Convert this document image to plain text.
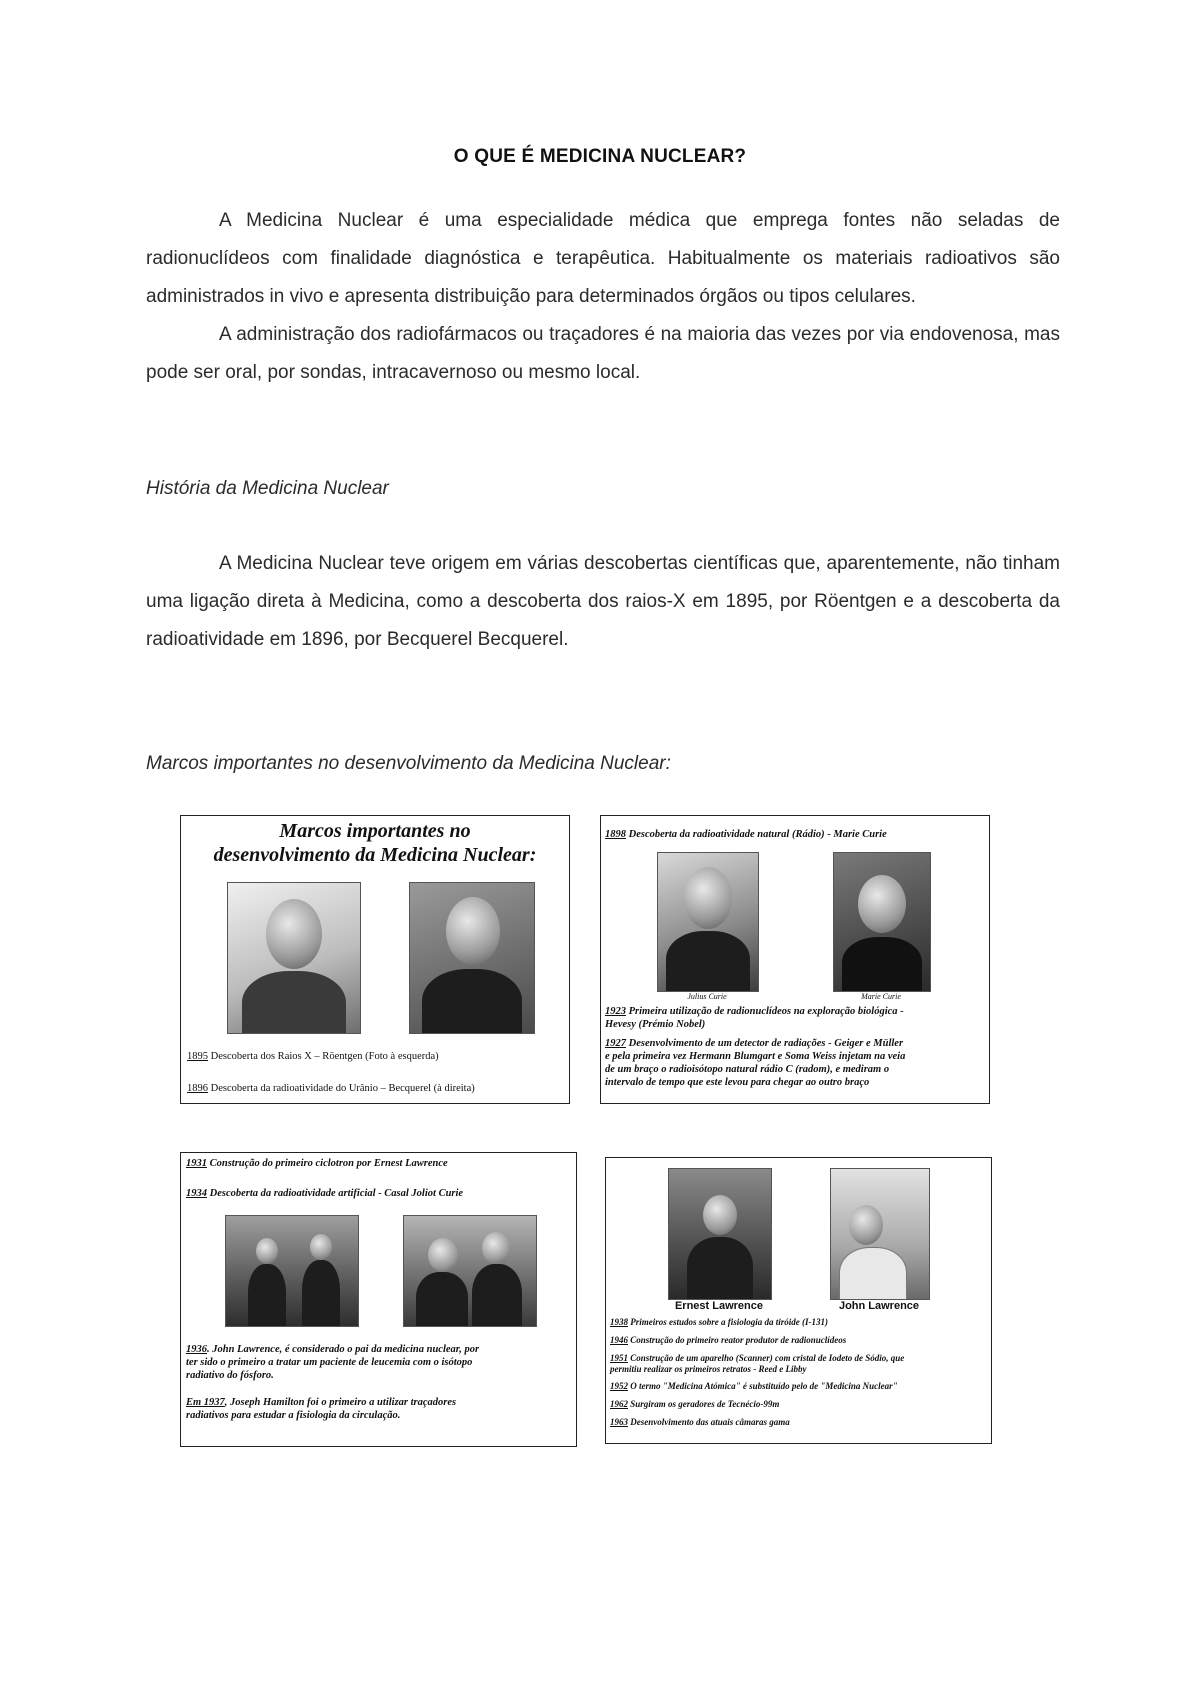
O QUE É MEDICINA NUCLEAR?

A Medicina Nuclear é uma especialidade médica que emprega fontes não seladas de radionuclídeos com finalidade diagnóstica e terapêutica. Habitualmente os materiais radioativos são administrados in vivo e apresenta distribuição para determinados órgãos ou tipos celulares.

A administração dos radiofármacos ou traçadores é na maioria das vezes por via endovenosa, mas pode ser oral, por sondas, intracavernoso ou mesmo local.

História da Medicina Nuclear

A Medicina Nuclear teve origem em várias descobertas científicas que, aparentemente, não tinham uma ligação direta à Medicina, como a descoberta dos raios-X em 1895, por Röentgen e a descoberta da radioatividade em 1896, por Becquerel Becquerel.

Marcos importantes no desenvolvimento da Medicina Nuclear:
Marcos importantes no
desenvolvimento da Medicina Nuclear:
1895 Descoberta dos Raios X – Röentgen (Foto à esquerda)
1896 Descoberta da radioatividade do Urânio – Becquerel (à direita)
1898 Descoberta da radioatividade natural (Rádio) - Marie Curie
Julius Curie	Marie Curie
1923 Primeira utilização de radionuclídeos na exploração biológica -
Hevesy (Prémio Nobel)
1927 Desenvolvimento de um detector de radiações - Geiger e Müller
e pela primeira vez Hermann Blumgart e Soma Weiss injetam na veia
de um braço o radioisótopo natural rádio C (radom), e mediram o
intervalo de tempo que este levou para chegar ao outro braço
1931 Construção do primeiro ciclotron por Ernest Lawrence
1934 Descoberta da radioatividade artificial - Casal Joliot Curie
1936. John Lawrence, é considerado o pai da medicina nuclear, por
ter sido o primeiro a tratar um paciente de leucemia com o isótopo
radiativo do fósforo.
Em 1937, Joseph Hamilton foi o primeiro a utilizar traçadores
radiativos para estudar a fisiologia da circulação.
Ernest Lawrence	John Lawrence
1938 Primeiros estudos sobre a fisiologia da tiróide (I-131)
1946 Construção do primeiro reator produtor de radionuclídeos
1951 Construção de um aparelho (Scanner) com cristal de Iodeto de Sódio, que
permitiu realizar os primeiros retratos - Reed e Libby
1952 O termo "Medicina Atómica" é substituído pelo de "Medicina Nuclear"
1962 Surgiram os geradores de Tecnécio-99m
1963 Desenvolvimento das atuais câmaras gama
